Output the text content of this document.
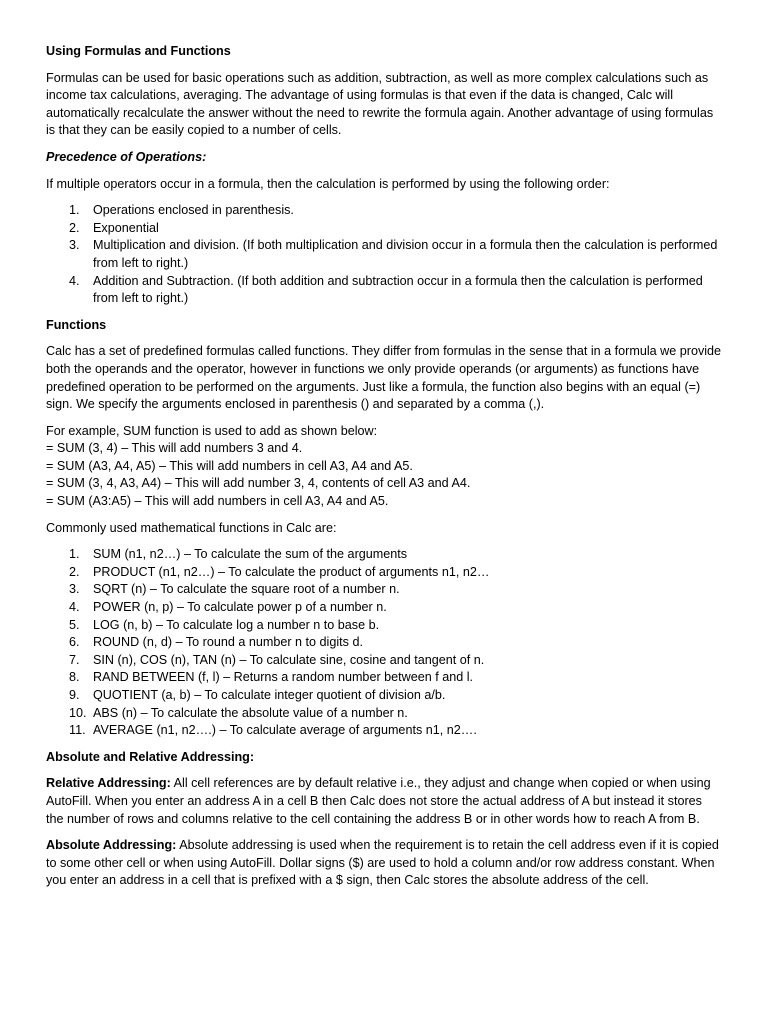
Using Formulas and Functions

Formulas can be used for basic operations such as addition, subtraction, as well as more complex calculations such as income tax calculations, averaging. The advantage of using formulas is that even if the data is changed, Calc will automatically recalculate the answer without the need to rewrite the formula again. Another advantage of using formulas is that they can be easily copied to a number of cells.

Precedence of Operations:

If multiple operators occur in a formula, then the calculation is performed by using the following order:

1. Operations enclosed in parenthesis.
2. Exponential
3. Multiplication and division. (If both multiplication and division occur in a formula then the calculation is performed from left to right.)
4. Addition and Subtraction. (If both addition and subtraction occur in a formula then the calculation is performed from left to right.)
Functions

Calc has a set of predefined formulas called functions. They differ from formulas in the sense that in a formula we provide both the operands and the operator, however in functions we only provide operands (or arguments) as functions have predefined operation to be performed on the arguments. Just like a formula, the function also begins with an equal (=) sign. We specify the arguments enclosed in parenthesis () and separated by a comma (,).

For example, SUM function is used to add as shown below:

= SUM (3, 4) – This will add numbers 3 and 4.

= SUM (A3, A4, A5) – This will add numbers in cell A3, A4 and A5.

= SUM (3, 4, A3, A4) – This will add number 3, 4, contents of cell A3 and A4.

= SUM (A3:A5) – This will add numbers in cell A3, A4 and A5.

Commonly used mathematical functions in Calc are:

1. SUM (n1, n2…) – To calculate the sum of the arguments
2. PRODUCT (n1, n2…) – To calculate the product of arguments n1, n2…
3. SQRT (n) – To calculate the square root of a number n.
4. POWER (n, p) – To calculate power p of a number n.
5. LOG (n, b) – To calculate log a number n to base b.
6. ROUND (n, d) – To round a number n to digits d.
7. SIN (n), COS (n), TAN (n) – To calculate sine, cosine and tangent of n.
8. RAND BETWEEN (f, l) – Returns a random number between f and l.
9. QUOTIENT (a, b) – To calculate integer quotient of division a/b.
10. ABS (n) – To calculate the absolute value of a number n.
11. AVERAGE (n1, n2….) – To calculate average of arguments n1, n2….
Absolute and Relative Addressing:

Relative Addressing: All cell references are by default relative i.e., they adjust and change when copied or when using AutoFill. When you enter an address A in a cell B then Calc does not store the actual address of A but instead it stores the number of rows and columns relative to the cell containing the address B or in other words how to reach A from B.

Absolute Addressing: Absolute addressing is used when the requirement is to retain the cell address even if it is copied to some other cell or when using AutoFill. Dollar signs ($) are used to hold a column and/or row address constant. When you enter an address in a cell that is prefixed with a $ sign, then Calc stores the absolute address of the cell.
